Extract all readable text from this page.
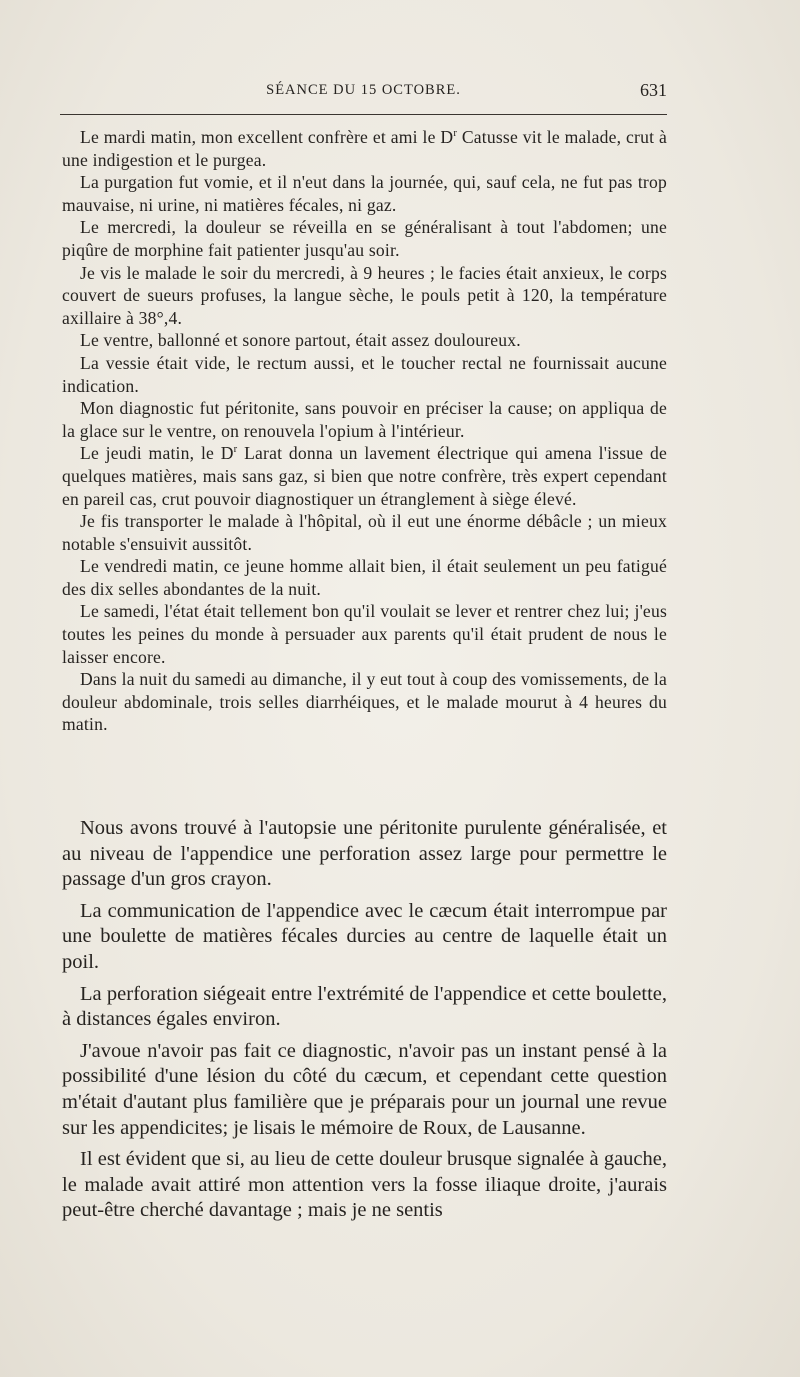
SÉANCE DU 15 OCTOBRE.	631

Le mardi matin, mon excellent confrère et ami le $D^r$ Catusse vit le malade, crut à une indigestion et le purgea.

La purgation fut vomie, et il n'eut dans la journée, qui, sauf cela, ne fut pas trop mauvaise, ni urine, ni matières fécales, ni gaz.

Le mercredi, la douleur se réveilla en se généralisant à tout l'abdomen; une piqûre de morphine fait patienter jusqu'au soir.

Je vis le malade le soir du mercredi, à 9 heures ; le facies était anxieux, le corps couvert de sueurs profuses, la langue sèche, le pouls petit à 120, la température axillaire à 38°,4.

Le ventre, ballonné et sonore partout, était assez douloureux.

La vessie était vide, le rectum aussi, et le toucher rectal ne fournissait aucune indication.

Mon diagnostic fut péritonite, sans pouvoir en préciser la cause; on appliqua de la glace sur le ventre, on renouvela l'opium à l'intérieur.

Le jeudi matin, le $D^r$ Larat donna un lavement électrique qui amena l'issue de quelques matières, mais sans gaz, si bien que notre confrère, très expert cependant en pareil cas, crut pouvoir diagnostiquer un étranglement à siège élevé.

Je fis transporter le malade à l'hôpital, où il eut une énorme débâcle ; un mieux notable s'ensuivit aussitôt.

Le vendredi matin, ce jeune homme allait bien, il était seulement un peu fatigué des dix selles abondantes de la nuit.

Le samedi, l'état était tellement bon qu'il voulait se lever et rentrer chez lui; j'eus toutes les peines du monde à persuader aux parents qu'il était prudent de nous le laisser encore.

Dans la nuit du samedi au dimanche, il y eut tout à coup des vomissements, de la douleur abdominale, trois selles diarrhéiques, et le malade mourut à 4 heures du matin.

Nous avons trouvé à l'autopsie une péritonite purulente généralisée, et au niveau de l'appendice une perforation assez large pour permettre le passage d'un gros crayon.

La communication de l'appendice avec le cæcum était interrompue par une boulette de matières fécales durcies au centre de laquelle était un poil.

La perforation siégeait entre l'extrémité de l'appendice et cette boulette, à distances égales environ.

J'avoue n'avoir pas fait ce diagnostic, n'avoir pas un instant pensé à la possibilité d'une lésion du côté du cæcum, et cependant cette question m'était d'autant plus familière que je préparais pour un journal une revue sur les appendicites; je lisais le mémoire de Roux, de Lausanne.

Il est évident que si, au lieu de cette douleur brusque signalée à gauche, le malade avait attiré mon attention vers la fosse iliaque droite, j'aurais peut-être cherché davantage ; mais je ne sentis
